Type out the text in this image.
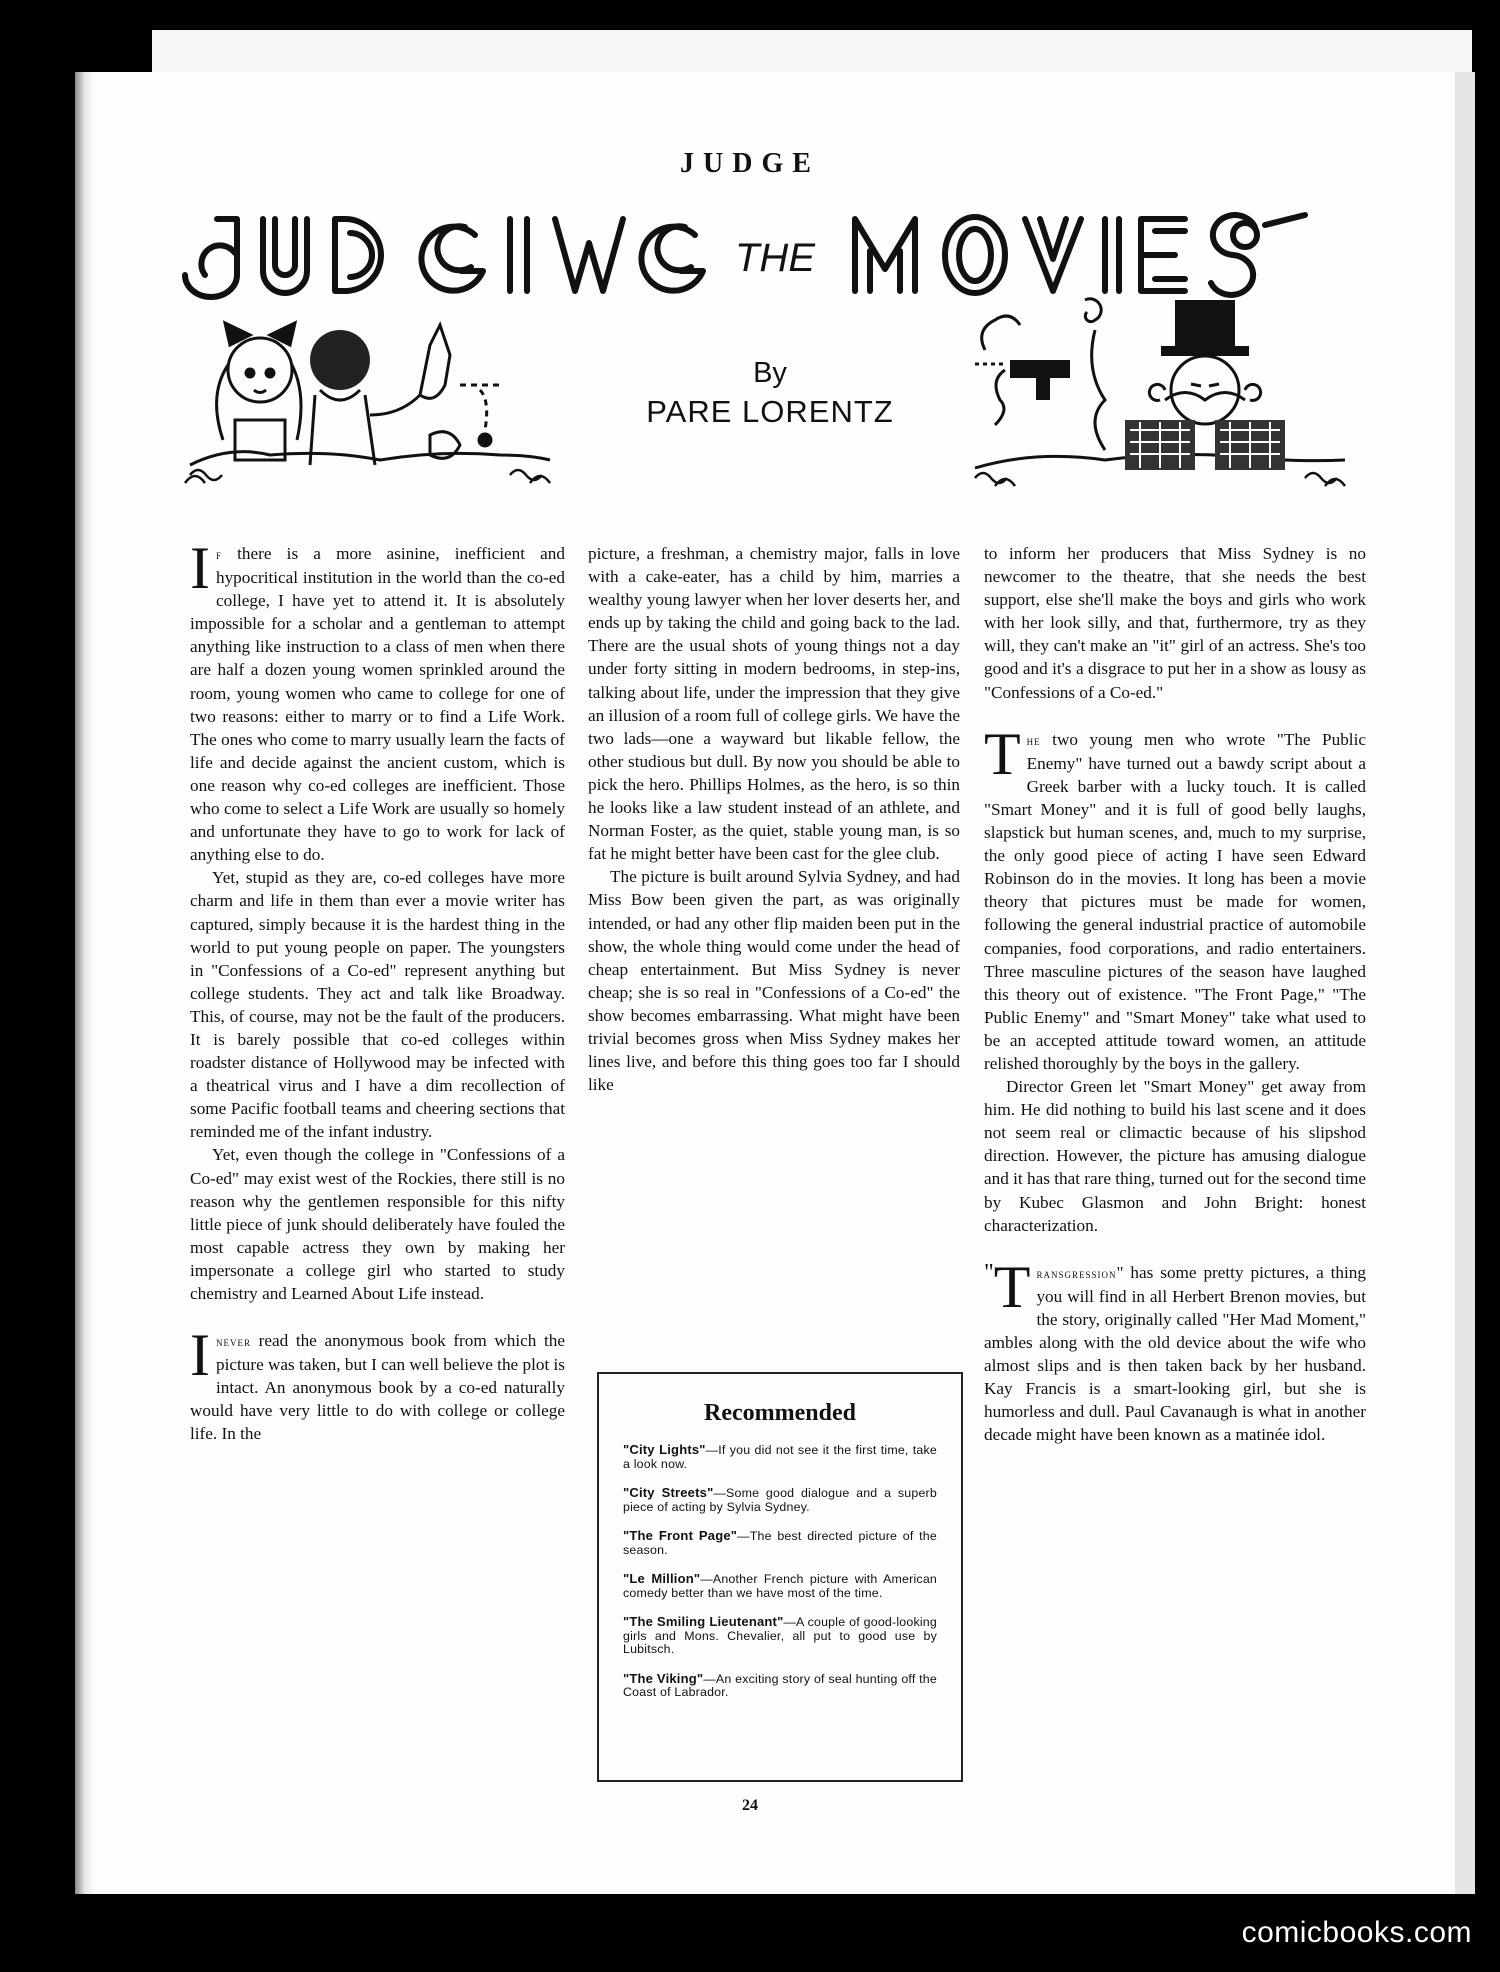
JUDGE
THE
By
PARE LORENTZ

If there is a more asinine, inefficient and hypocritical institution in the world than the co-ed college, I have yet to attend it. It is absolutely impossible for a scholar and a gentleman to attempt anything like instruction to a class of men when there are half a dozen young women sprinkled around the room, young women who came to college for one of two reasons: either to marry or to find a Life Work. The ones who come to marry usually learn the facts of life and decide against the ancient custom, which is one reason why co-ed colleges are inefficient. Those who come to select a Life Work are usually so homely and unfortunate they have to go to work for lack of anything else to do.

Yet, stupid as they are, co-ed colleges have more charm and life in them than ever a movie writer has captured, simply because it is the hardest thing in the world to put young people on paper. The youngsters in "Confessions of a Co-ed" represent anything but college students. They act and talk like Broadway. This, of course, may not be the fault of the producers. It is barely possible that co-ed colleges within roadster distance of Hollywood may be infected with a theatrical virus and I have a dim recollection of some Pacific football teams and cheering sections that reminded me of the infant industry.

Yet, even though the college in "Confessions of a Co-ed" may exist west of the Rockies, there still is no reason why the gentlemen responsible for this nifty little piece of junk should deliberately have fouled the most capable actress they own by making her impersonate a college girl who started to study chemistry and Learned About Life instead.

Inever read the anonymous book from which the picture was taken, but I can well believe the plot is intact. An anonymous book by a co-ed naturally would have very little to do with college or college life. In the

picture, a freshman, a chemistry major, falls in love with a cake-eater, has a child by him, marries a wealthy young lawyer when her lover deserts her, and ends up by taking the child and going back to the lad. There are the usual shots of young things not a day under forty sitting in modern bedrooms, in step-ins, talking about life, under the impression that they give an illusion of a room full of college girls. We have the two lads—one a wayward but likable fellow, the other studious but dull. By now you should be able to pick the hero. Phillips Holmes, as the hero, is so thin he looks like a law student instead of an athlete, and Norman Foster, as the quiet, stable young man, is so fat he might better have been cast for the glee club.

The picture is built around Sylvia Sydney, and had Miss Bow been given the part, as was originally intended, or had any other flip maiden been put in the show, the whole thing would come under the head of cheap entertainment. But Miss Sydney is never cheap; she is so real in "Confessions of a Co-ed" the show becomes embarrassing. What might have been trivial becomes gross when Miss Sydney makes her lines live, and before this thing goes too far I should like

Recommended
"City Lights"—If you did not see it the first time, take a look now.
"City Streets"—Some good dialogue and a superb piece of acting by Sylvia Sydney.
"The Front Page"—The best directed picture of the season.
"Le Million"—Another French picture with American comedy better than we have most of the time.
"The Smiling Lieutenant"—A couple of good-looking girls and Mons. Chevalier, all put to good use by Lubitsch.
"The Viking"—An exciting story of seal hunting off the Coast of Labrador.

to inform her producers that Miss Sydney is no newcomer to the theatre, that she needs the best support, else she'll make the boys and girls who work with her look silly, and that, furthermore, try as they will, they can't make an "it" girl of an actress. She's too good and it's a disgrace to put her in a show as lousy as "Confessions of a Co-ed."

The two young men who wrote "The Public Enemy" have turned out a bawdy script about a Greek barber with a lucky touch. It is called "Smart Money" and it is full of good belly laughs, slapstick but human scenes, and, much to my surprise, the only good piece of acting I have seen Edward Robinson do in the movies. It long has been a movie theory that pictures must be made for women, following the general industrial practice of automobile companies, food corporations, and radio entertainers. Three masculine pictures of the season have laughed this theory out of existence. "The Front Page," "The Public Enemy" and "Smart Money" take what used to be an accepted attitude toward women, an attitude relished thoroughly by the boys in the gallery.

Director Green let "Smart Money" get away from him. He did nothing to build his last scene and it does not seem real or climactic because of his slipshod direction. However, the picture has amusing dialogue and it has that rare thing, turned out for the second time by Kubec Glasmon and John Bright: honest characterization.

" T ransgression" has some pretty pictures, a thing you will find in all Herbert Brenon movies, but the story, originally called "Her Mad Moment," ambles along with the old device about the wife who almost slips and is then taken back by her husband. Kay Francis is a smart-looking girl, but she is humorless and dull. Paul Cavanaugh is what in another decade might have been known as a matinée idol.

24
comicbooks.com
